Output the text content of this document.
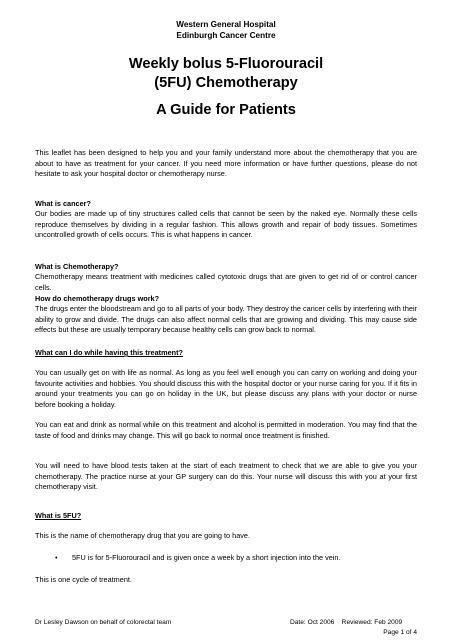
Western General Hospital
Edinburgh Cancer Centre
Weekly bolus 5-Fluorouracil
(5FU) Chemotherapy
A Guide for Patients
This leaflet has been designed to help you and your family understand more about the chemotherapy that you are about to have as treatment for your cancer. If you need more information or have further questions, please do not hesitate to ask your hospital doctor or chemotherapy nurse.
What is cancer?
Our bodies are made up of tiny structures called cells that cannot be seen by the naked eye. Normally these cells reproduce themselves by dividing in a regular fashion. This allows growth and repair of body tissues. Sometimes uncontrolled growth of cells occurs. This is what happens in cancer.
What is Chemotherapy?
Chemotherapy means treatment with medicines called cytotoxic drugs that are given to get rid of or control cancer cells.
How do chemotherapy drugs work?
The drugs enter the bloodstream and go to all parts of your body. They destroy the cancer cells by interfering with their ability to grow and divide. The drugs can also affect normal cells that are growing and dividing. This may cause side effects but these are usually temporary because healthy cells can grow back to normal.
What can I do while having this treatment?
You can usually get on with life as normal. As long as you feel well enough you can carry on working and doing your favourite activities and hobbies. You should discuss this with the hospital doctor or your nurse caring for you. If it fits in around your treatments you can go on holiday in the UK, but please discuss any plans with your doctor or nurse before booking a holiday.
You can eat and drink as normal while on this treatment and alcohol is permitted in moderation. You may find that the taste of food and drinks may change. This will go back to normal once treatment is finished.
You will need to have blood tests taken at the start of each treatment to check that we are able to give you your chemotherapy. The practice nurse at your GP surgery can do this. Your nurse will discuss this with you at your first chemotherapy visit.
What is 5FU?
This is the name of chemotherapy drug that you are going to have.
• 5FU is for 5-Fluorouracil and is given once a week by a short injection into the vein.
This is one cycle of treatment.
Dr Lesley Dawson on behalf of colorectal team	Date: Oct 2006    Reviewed: Feb 2009
Page 1 of 4
